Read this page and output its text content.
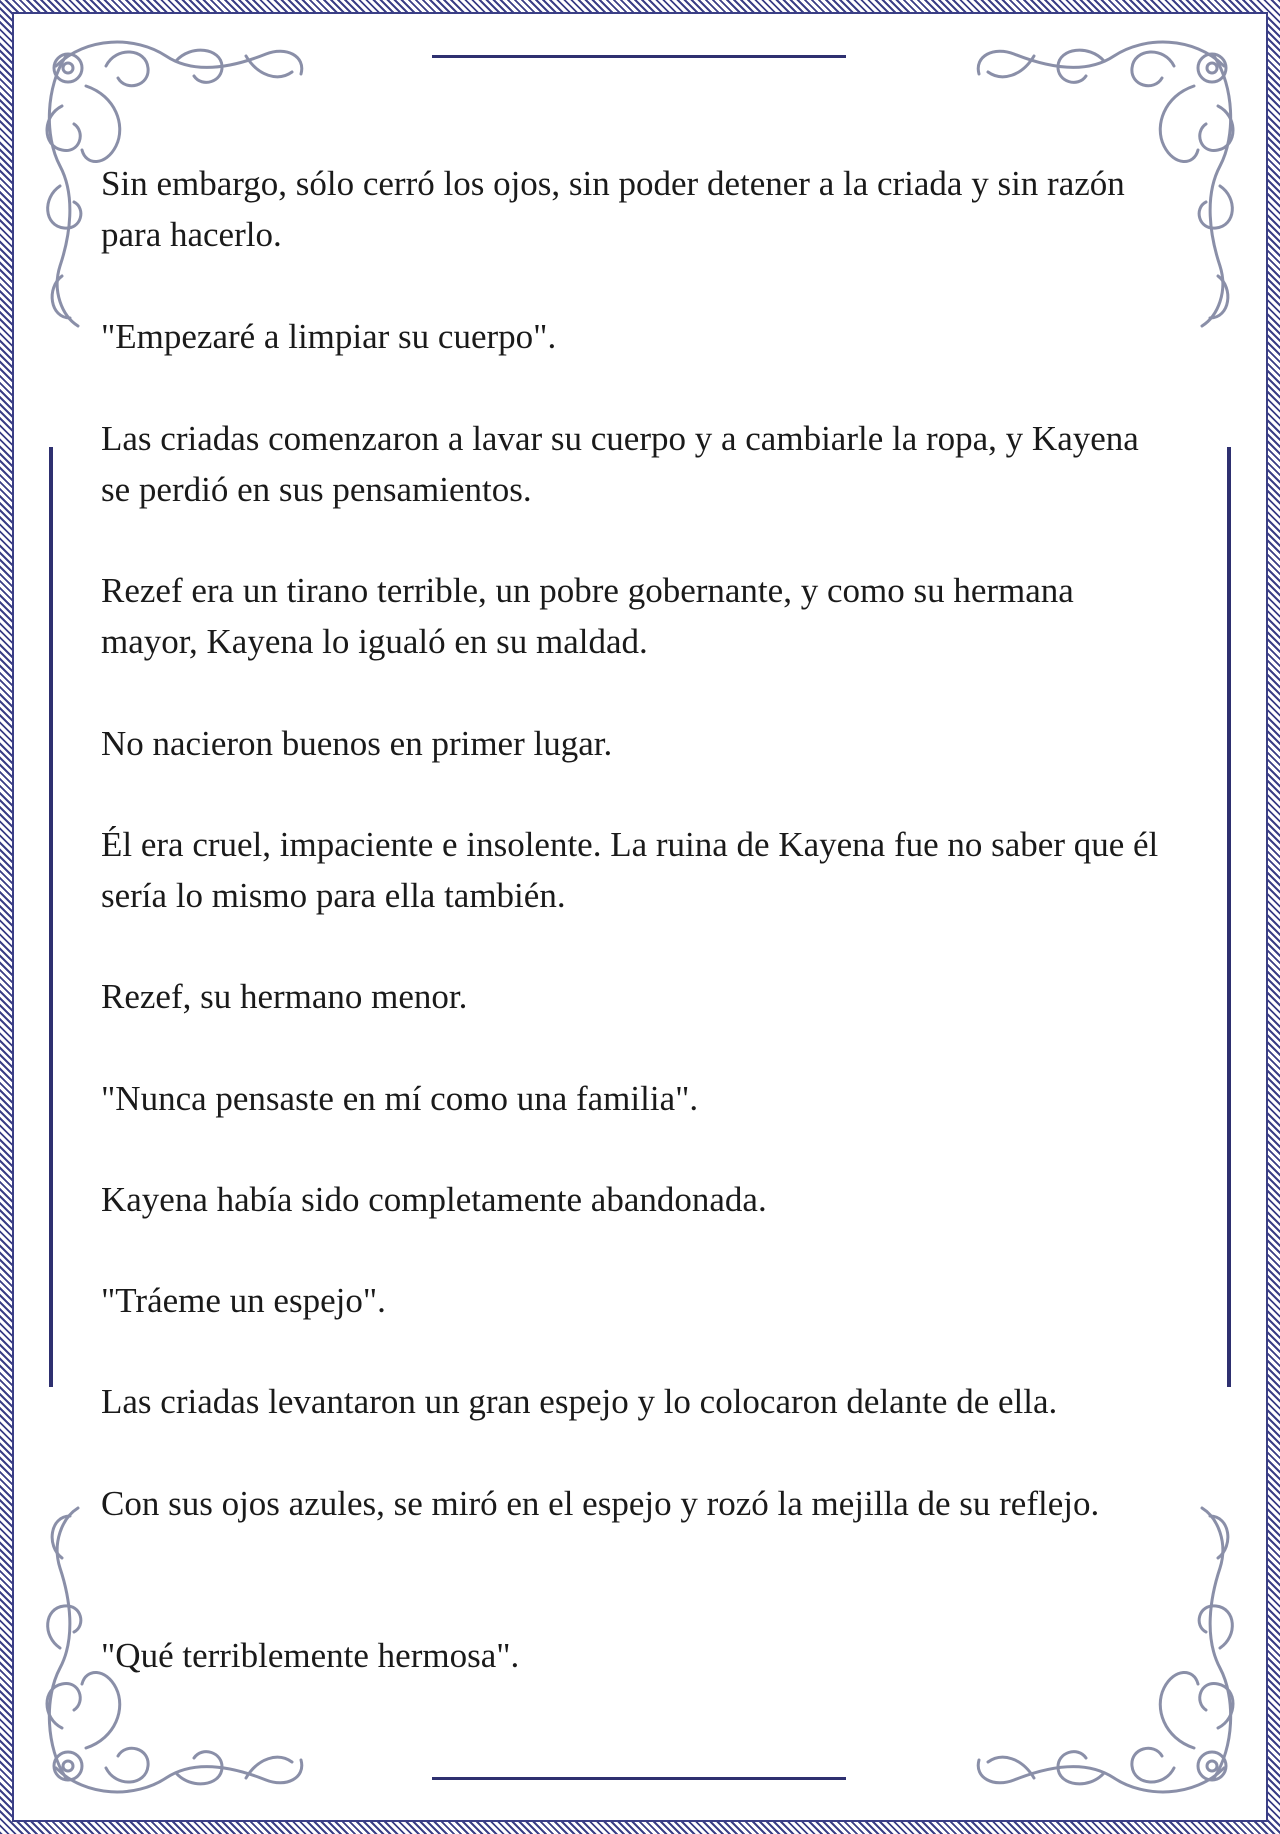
Sin embargo, sólo cerró los ojos, sin poder detener a la criada y sin razón para hacerlo.

"Empezaré a limpiar su cuerpo".

Las criadas comenzaron a lavar su cuerpo y a cambiarle la ropa, y Kayena se perdió en sus pensamientos.

Rezef era un tirano terrible, un pobre gobernante, y como su hermana mayor, Kayena lo igualó en su maldad.

No nacieron buenos en primer lugar.

Él era cruel, impaciente e insolente. La ruina de Kayena fue no saber que él sería lo mismo para ella también.

Rezef, su hermano menor.

"Nunca pensaste en mí como una familia".

Kayena había sido completamente abandonada.

"Tráeme un espejo".

Las criadas levantaron un gran espejo y lo colocaron delante de ella.

Con sus ojos azules, se miró en el espejo y rozó la mejilla de su reflejo.

"Qué terriblemente hermosa".
